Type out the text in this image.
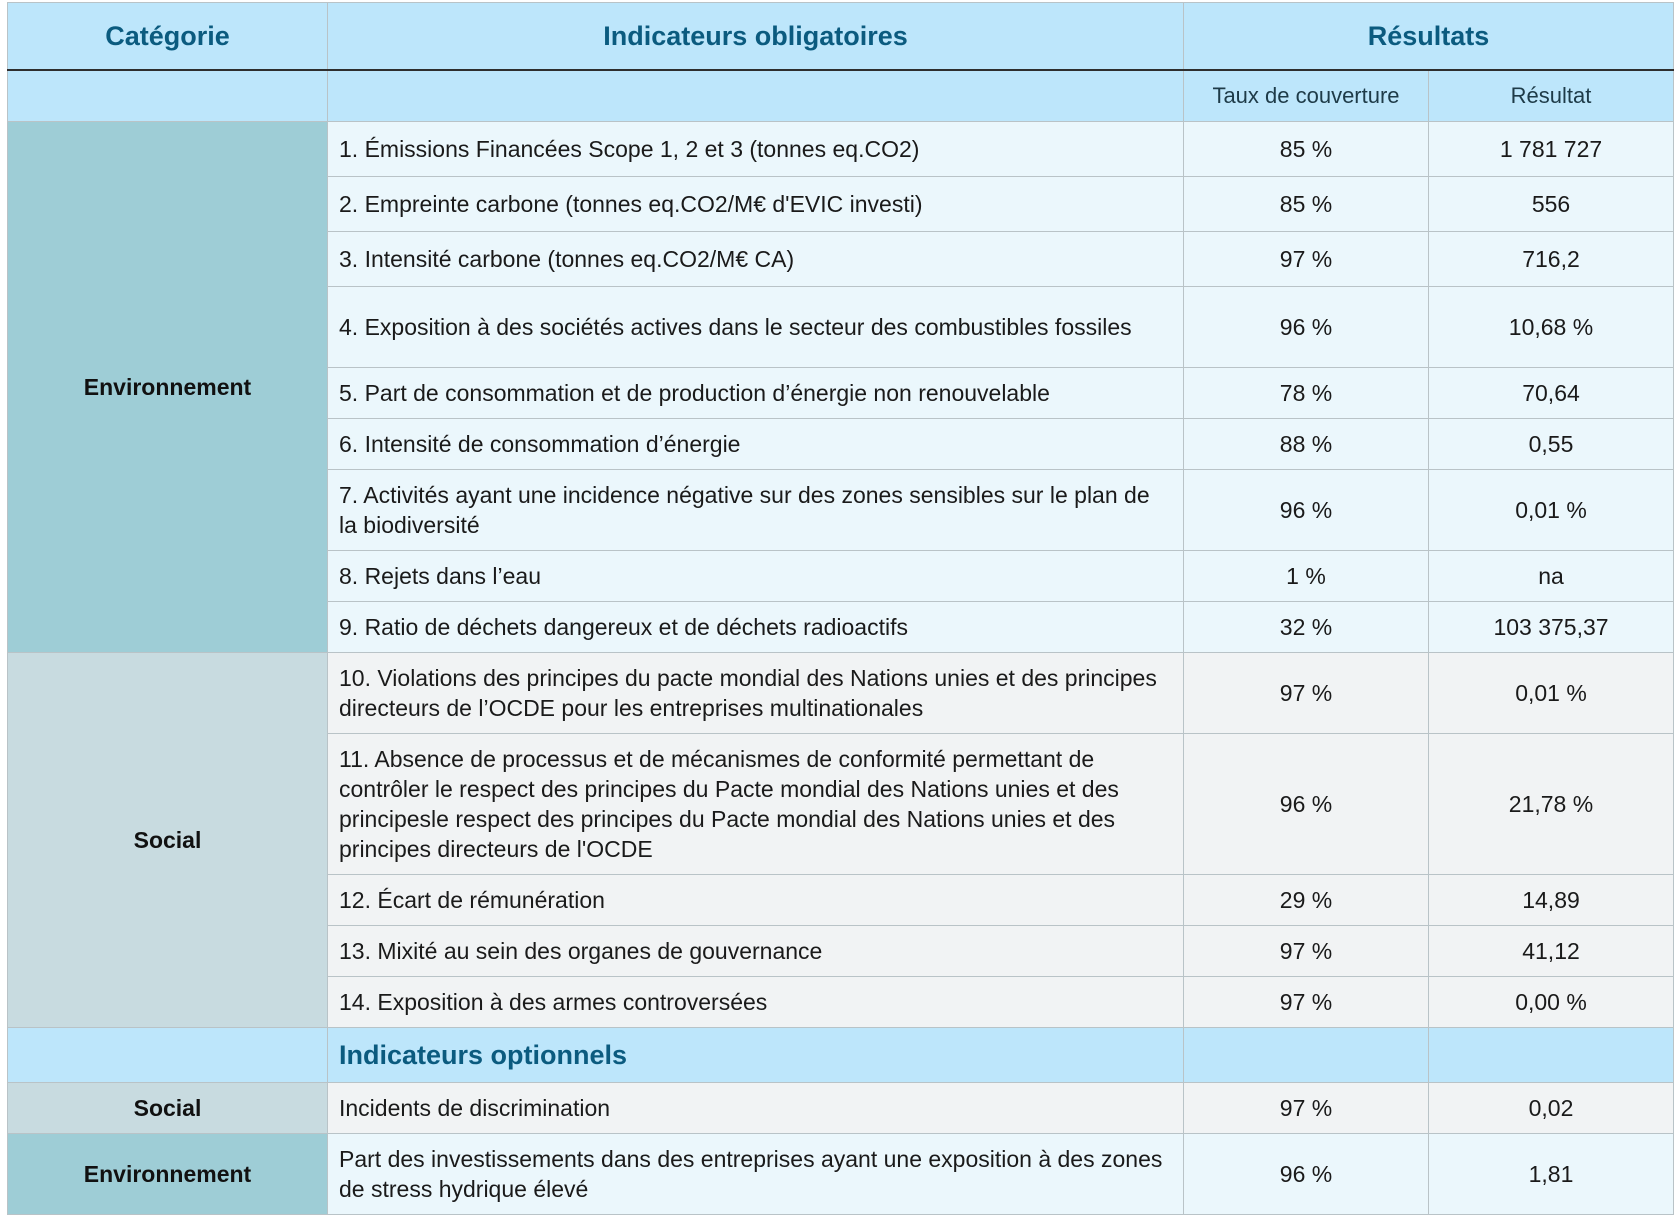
Catégorie	Indicateurs obligatoires	Résultats	
		Taux de couverture	Résultat
Environnement	1. Émissions Financées Scope 1, 2 et 3 (tonnes eq.CO2)	85 %	1 781 727
	2. Empreinte carbone (tonnes eq.CO2/M€ d'EVIC investi)	85 %	556
	3. Intensité carbone (tonnes eq.CO2/M€ CA)	97 %	716,2
	4. Exposition à des sociétés actives dans le secteur des combustibles fossiles	96 %	10,68 %
	5. Part de consommation et de production d’énergie non renouvelable	78 %	70,64
	6. Intensité de consommation d’énergie	88 %	0,55
	7. Activités ayant une incidence négative sur des zones sensibles sur le plan de la biodiversité	96 %	0,01 %
	8. Rejets dans l’eau	1 %	na
	9. Ratio de déchets dangereux et de déchets radioactifs	32 %	103 375,37
Social	10. Violations des principes du pacte mondial des Nations unies et des principes directeurs de l’OCDE pour les entreprises multinationales	97 %	0,01 %
	11. Absence de processus et de mécanismes de conformité permettant de contrôler le respect des principes du Pacte mondial des Nations unies et des principesle respect des principes du Pacte mondial des Nations unies et des principes directeurs de l'OCDE	96 %	21,78 %
	12. Écart de rémunération	29 %	14,89
	13. Mixité au sein des organes de gouvernance	97 %	41,12
	14. Exposition à des armes controversées	97 %	0,00 %
	Indicateurs optionnels		
Social	Incidents de discrimination	97 %	0,02
Environnement	Part des investissements dans des entreprises ayant une exposition à des zones de stress hydrique élevé	96 %	1,81
